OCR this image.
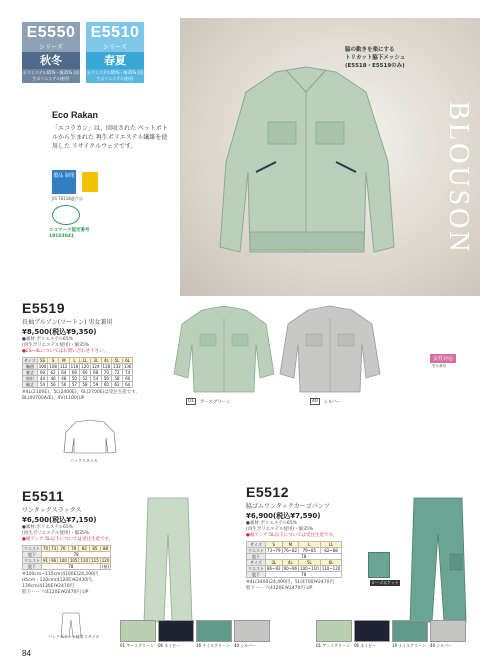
E5550
シリーズ
秋冬
ポリエステル65%・綿35% (再生ポリエステル使用)
E5510
シリーズ
春夏
ポリエステル65%・綿35% (再生ポリエステル使用)
Eco Rakan
「エコラカン」は、回収された ペットボトルから生まれた 再生ポリエステル繊維を使用した リサイクルウェアです。
製品 制電
JIS T8118適合品
エコマーク認定番号
19103041
脇の動きを楽にする
トリカット脇下メッシュ
(E5518・E5519のみ)
BLOUSON
E5519
長袖ブルゾン(ツートン) 男女兼用
¥8,500(税込¥9,350)
●素材:ポリエステル65%
(再生ポリエステル使用)・綿35%
●ES~4Lについてはお問い合わせ下さい。
サイズ	SS	S	M	L	LL	3L	4L	5L	6L
胸囲	100	108	112	116	120	124	128	132	136
着丈	60	62	64	66	66	68	70	72	74
肩巾	44	46	48	50	52	54	56	58	60
袖丈	54	56	56	57	58	59	60	62	64
※4L(2100E)、5L(2400E)、6L(2700E)は受注生産です。BL(4V700A/E)、4V(1100)UP
バックスタイル
01	アースグリーン	40	シルバー
女性対応
男女兼用
E5511
ワンタックスラックス
¥6,500(税込¥7,150)
●素材:ポリエステル65%
(再生ポリエステル使用)・綿35%
●裾アンチ:5L以下については受注生産です。
ウエスト	70	73	76	79	82	85	88
股下	78						
ウエスト	91	96	100	105	110	115	120
股下	78						(裾)
※100cm~115cm(4100E)24,200円
H5cm・120cm(4120E)¥2430円、
130cm(4130E)¥2470円
股下ハーフ(4120E)¥2470円 UP
バックポケット付きスタイル
01 アースグリーン 06 ネイビー	16 ナイルグリーン 40 シルバー
E5512
脇ゴムワンタックカーゴパンツ
¥6,900(税込¥7,590)
●素材:ポリエステル65%
(再生ポリエステル使用)・綿35%
●裾アンチ:5L以下については受注生産です。
サイズ	S	M	L	LL
ウエスト	73~79	76~82	79~85	82~88
股下	78			
サイズ	3L	4L	5L	6L
ウエスト	86~92	90~96	100~110	110~120
股下	78			
※4L(3400)24,400円、5L(4700)¥2470円
股下ハーフ(4120E)¥2470円 UP
カーゴポケット
01 アースグリーン 06 ネイビー	16 ナイルグリーン 40 シルバー
84
